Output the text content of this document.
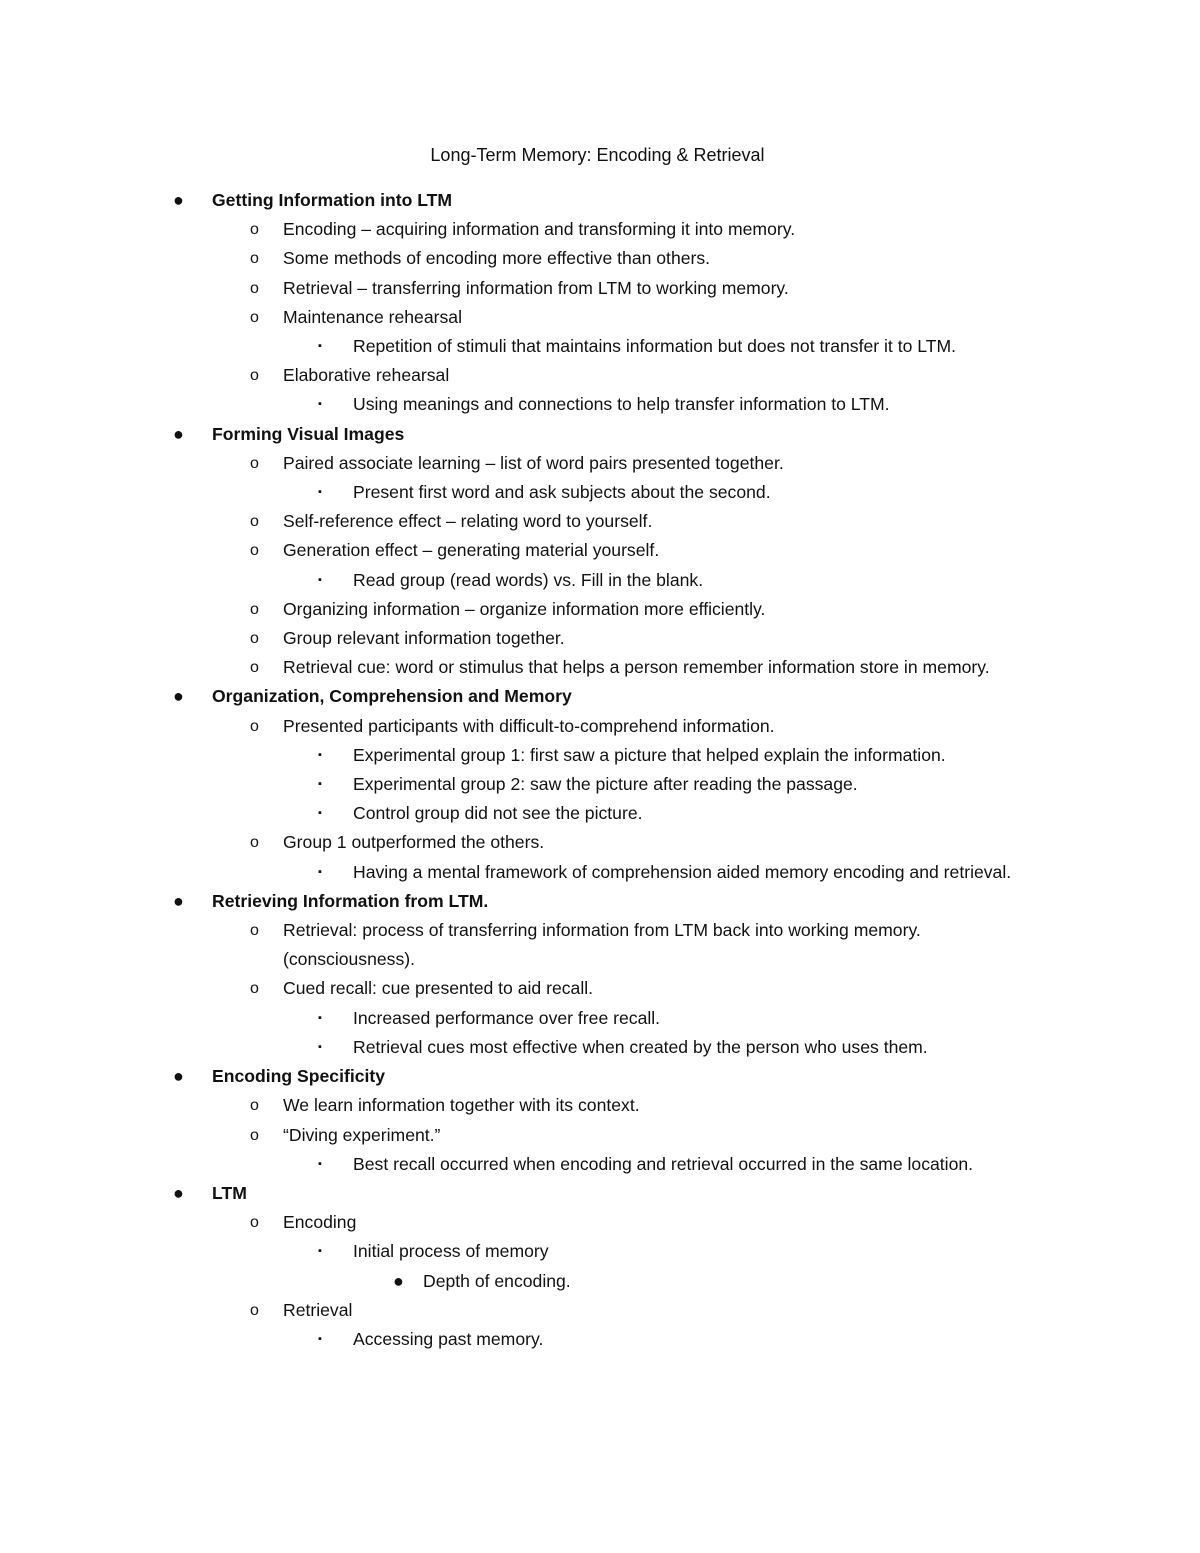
Long-Term Memory: Encoding & Retrieval
● Getting Information into LTM
o Encoding – acquiring information and transforming it into memory.
o Some methods of encoding more effective than others.
o Retrieval – transferring information from LTM to working memory.
o Maintenance rehearsal
▪ Repetition of stimuli that maintains information but does not transfer it to LTM.
o Elaborative rehearsal
▪ Using meanings and connections to help transfer information to LTM.
● Forming Visual Images
o Paired associate learning – list of word pairs presented together.
▪ Present first word and ask subjects about the second.
o Self-reference effect – relating word to yourself.
o Generation effect – generating material yourself.
▪ Read group (read words) vs. Fill in the blank.
o Organizing information – organize information more efficiently.
o Group relevant information together.
o Retrieval cue: word or stimulus that helps a person remember information store in memory.
● Organization, Comprehension and Memory
o Presented participants with difficult-to-comprehend information.
▪ Experimental group 1: first saw a picture that helped explain the information.
▪ Experimental group 2: saw the picture after reading the passage.
▪ Control group did not see the picture.
o Group 1 outperformed the others.
▪ Having a mental framework of comprehension aided memory encoding and retrieval.
● Retrieving Information from LTM.
o Retrieval: process of transferring information from LTM back into working memory. (consciousness).
o Cued recall: cue presented to aid recall.
▪ Increased performance over free recall.
▪ Retrieval cues most effective when created by the person who uses them.
● Encoding Specificity
o We learn information together with its context.
o “Diving experiment.”
▪ Best recall occurred when encoding and retrieval occurred in the same location.
● LTM
o Encoding
▪ Initial process of memory
● Depth of encoding.
o Retrieval
▪ Accessing past memory.
